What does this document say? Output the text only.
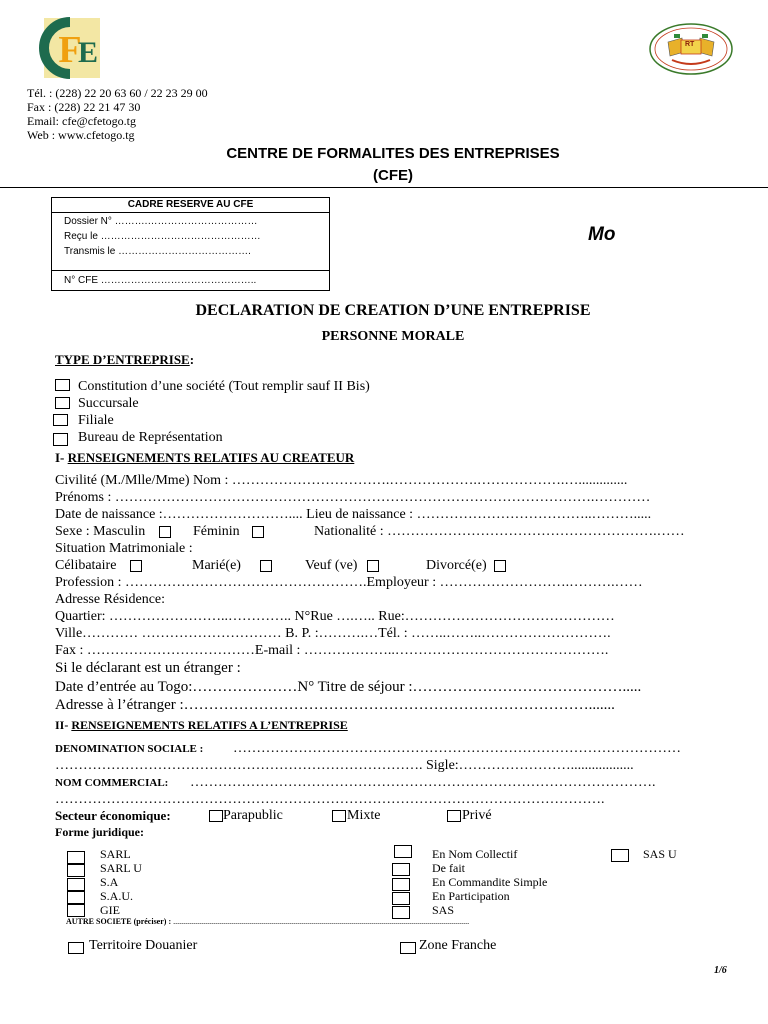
F
E
Tél. : (228) 22 20 63 60 / 22 23 29 00
Fax : (228) 22 21 47 30
Email: cfe@cfetogo.tg
Web : www.cfetogo.tg
RT
CENTRE DE FORMALITES DES ENTREPRISES
(CFE)
CADRE RESERVE AU CFE
Dossier N° ……….……………………………
Reçu le …………………………………………
Transmis le ………………………………….
N° CFE ………………………………………..
Mo
DECLARATION DE CREATION D’UNE ENTREPRISE
PERSONNE MORALE
TYPE D’ENTREPRISE:
Constitution d’une société (Tout remplir sauf II Bis)
Succursale
Filiale
Bureau de Représentation
I- RENSEIGNEMENTS RELATIFS AU CREATEUR
Civilité (M./Mlle/Mme) Nom : …………………………….……………….……………….…..............
Prénoms : ………………………………………………………………………………………….…………
Date de naissance :……………………….... Lieu de naissance : ………………………………..……….....
Sexe : Masculin	Féminin	Nationalité : ………………………………………………….……
Situation Matrimoniale :
Célibataire	Marié(e)	Veuf (ve)	Divorcé(e)
Profession : …………………………………………….Employeur : ……………………….……….……
Adresse Résidence:
Quartier: ……………………..………….. N°Rue ….….. Rue:………………………………………
Ville………… ………………………… B. P. :……….…Tél. : ……..……..……………………….
Fax : ………………………………E-mail : ………………..……………………………………….
Si le déclarant est un étranger :
Date d’entrée au Togo:…………………N° Titre de séjour :…………………………………….....
Adresse à l’étranger :……………………………………………………………………….......
II- RENSEIGNEMENTS RELATIFS A L’ENTREPRISE
DENOMINATION SOCIALE : ……………………………………………………………………………………
……………………………………………………………………. Sigle:……………………..................
NOM COMMERCIAL: ……………………………………………………………………………………….
……………………………………………………………………………………………………….
Secteur économique:	Parapublic	Mixte	Privé
Forme juridique:
SARL
SARL U
S.A
S.A.U.
GIE
En Nom Collectif
De fait
En Commandite Simple
En Participation
SAS
SAS U
AUTRE SOCIETE (préciser) : ....................................................................................................................................................
Territoire Douanier	Zone Franche
1/6
